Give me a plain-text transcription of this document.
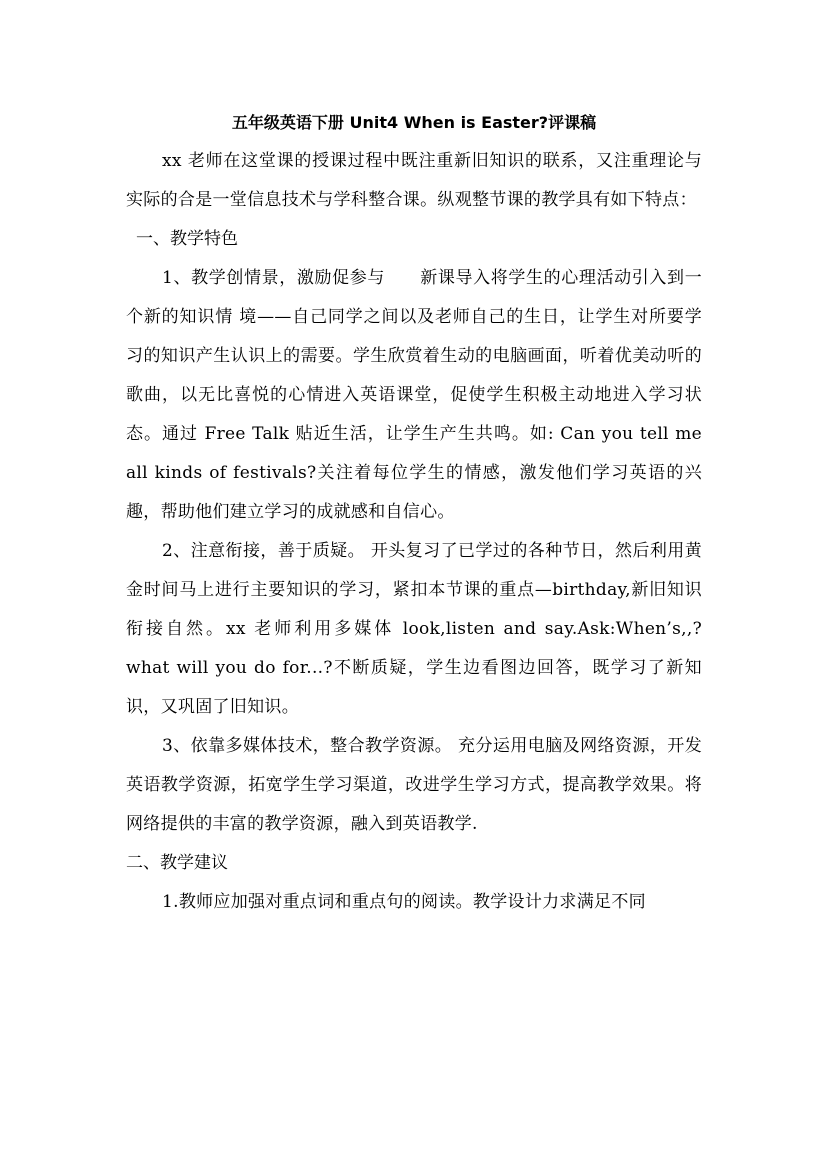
五年级英语下册 Unit4 When is Easter?评课稿

xx 老师在这堂课的授课过程中既注重新旧知识的联系，又注重理论与实际的合是一堂信息技术与学科整合课。纵观整节课的教学具有如下特点：

一、教学特色

1、教学创情景，激励促参与　　新课导入将学生的心理活动引入到一个新的知识情 境——自己同学之间以及老师自己的生日，让学生对所要学习的知识产生认识上的需要。学生欣赏着生动的电脑画面，听着优美动听的歌曲，以无比喜悦的心情进入英语课堂，促使学生积极主动地进入学习状态。通过 Free Talk 贴近生活，让学生产生共鸣。如: Can you tell me all kinds of festivals?关注着每位学生的情感，激发他们学习英语的兴趣，帮助他们建立学习的成就感和自信心。

2、注意衔接，善于质疑。 开头复习了已学过的各种节日，然后利用黄金时间马上进行主要知识的学习，紧扣本节课的重点—birthday,新旧知识衔接自然。xx 老师利用多媒体 look,listen and say.Ask:When’s,,?what will you do for...?不断质疑，学生边看图边回答，既学习了新知识，又巩固了旧知识。

3、依靠多媒体技术，整合教学资源。 充分运用电脑及网络资源，开发英语教学资源，拓宽学生学习渠道，改进学生学习方式，提高教学效果。将网络提供的丰富的教学资源，融入到英语教学.

二、教学建议

1.教师应加强对重点词和重点句的阅读。教学设计力求满足不同
